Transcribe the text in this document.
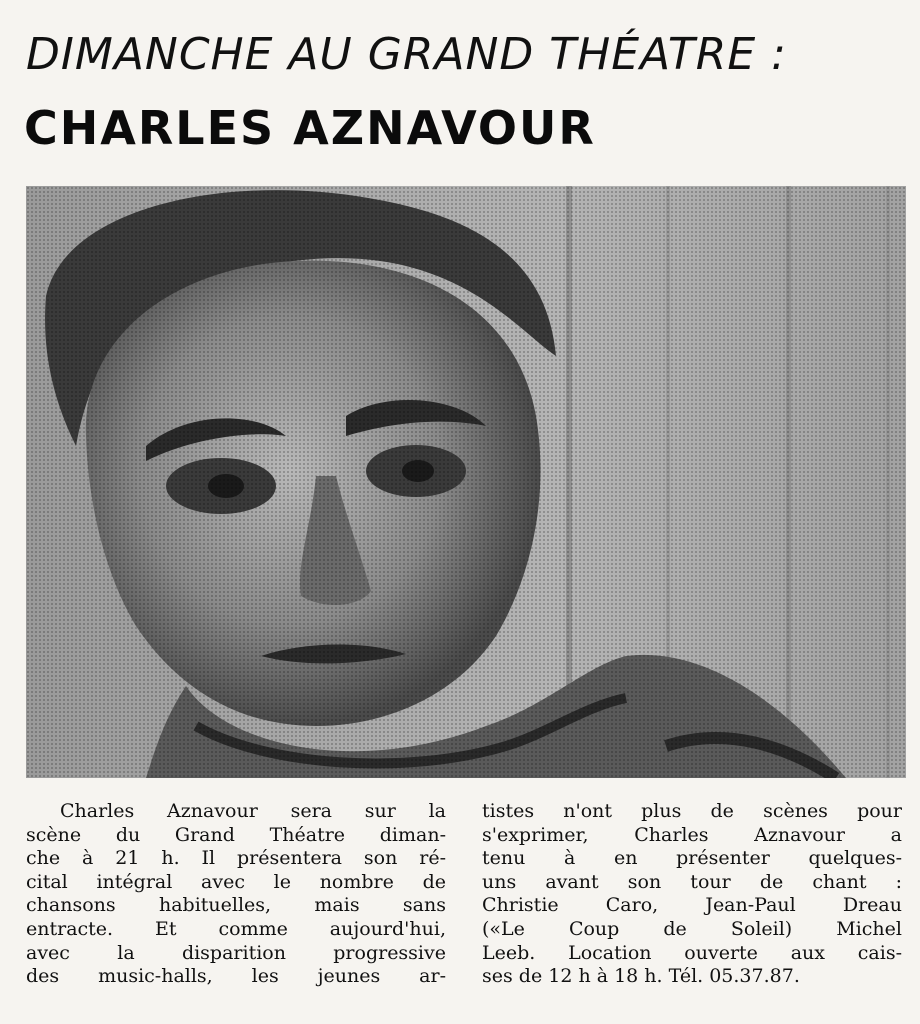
DIMANCHE AU GRAND THÉATRE :
CHARLES AZNAVOUR
Charles Aznavour sera sur la
scène du Grand Théatre diman-
che à 21 h. Il présentera son ré-
cital intégral avec le nombre de
chansons habituelles, mais sans
entracte. Et comme aujourd'hui,
avec la disparition progressive
des music-halls, les jeunes ar-
tistes n'ont plus de scènes pour
s'exprimer, Charles Aznavour a
tenu à en présenter quelques-
uns avant son tour de chant :
Christie Caro, Jean-Paul Dreau
(«Le Coup de Soleil) Michel
Leeb. Location ouverte aux cais-
ses de 12 h à 18 h. Tél. 05.37.87.
